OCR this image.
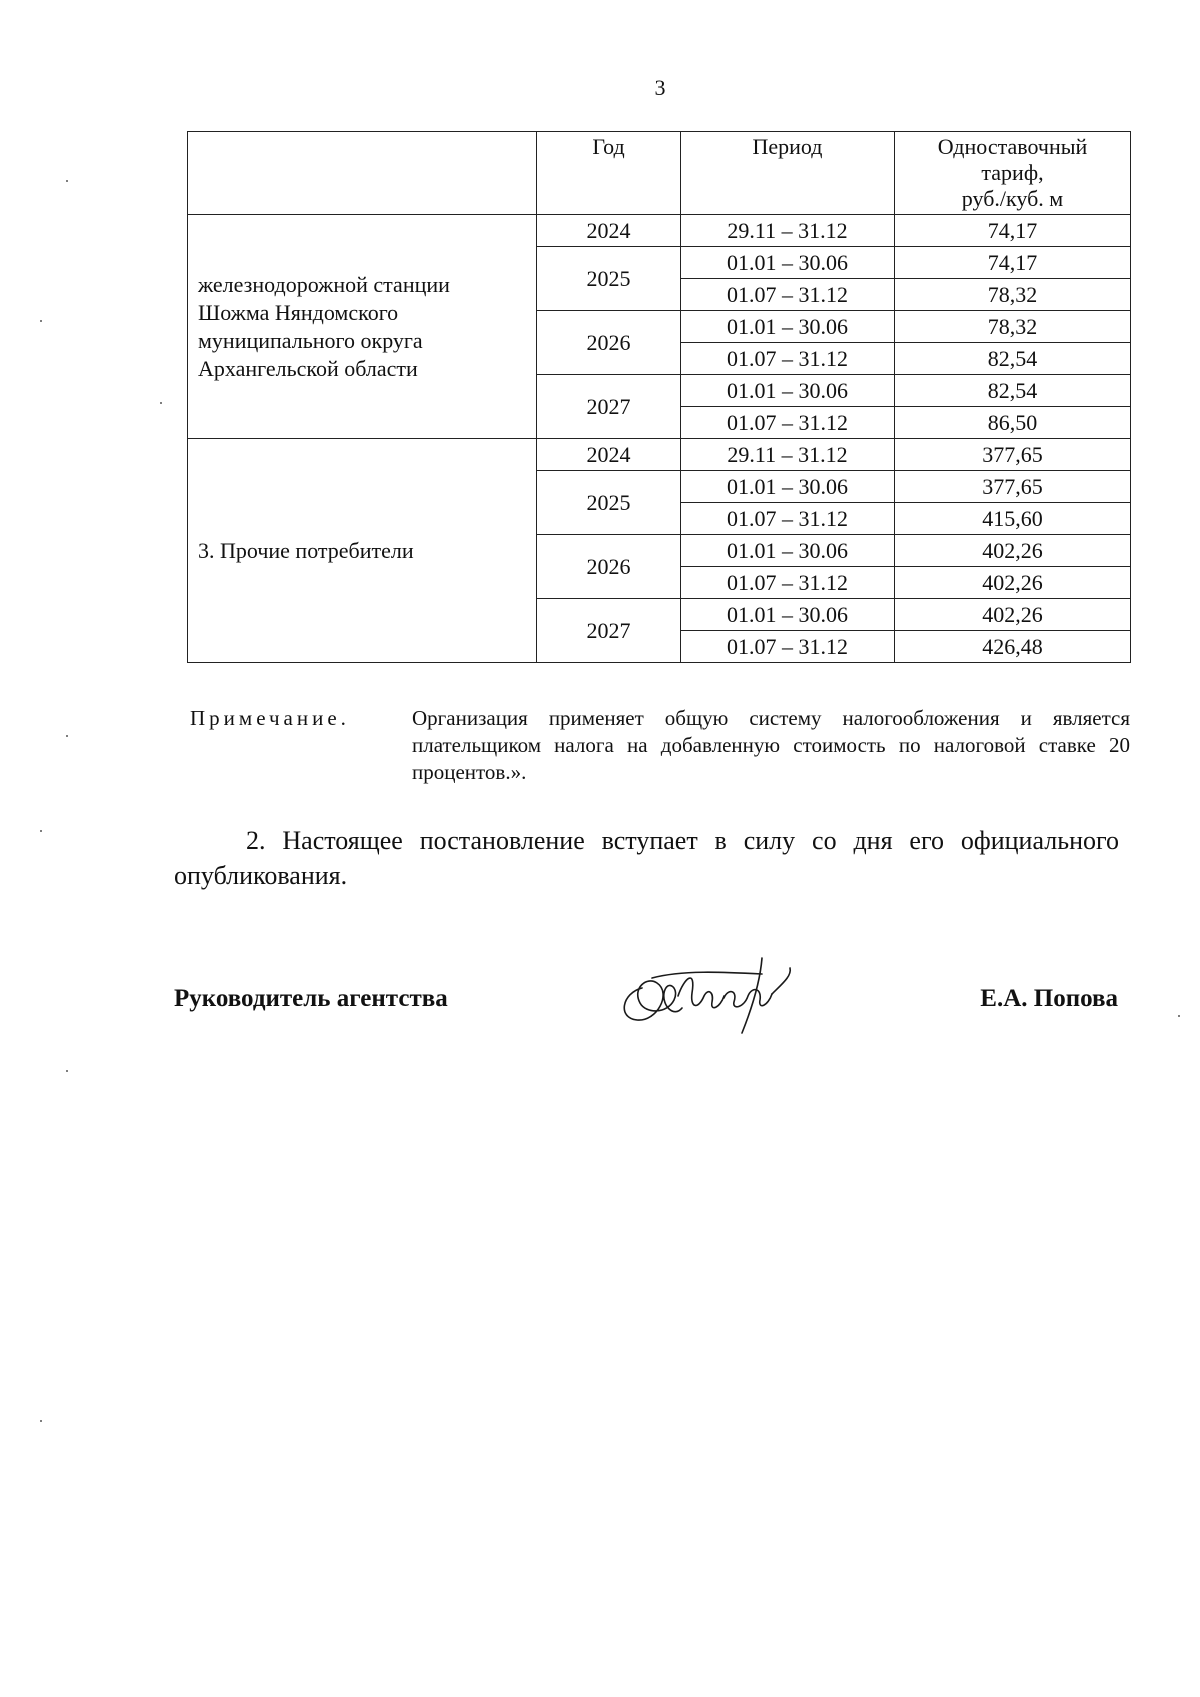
3
	Год	Период	Одноставочный
тариф,
руб./куб. м
железнодорожной станции
Шожма Няндомского
муниципального округа
Архангельской области	2024	29.11 – 31.12	74,17
	2025	01.01 – 30.06	74,17
		01.07 – 31.12	78,32
	2026	01.01 – 30.06	78,32
		01.07 – 31.12	82,54
	2027	01.01 – 30.06	82,54
		01.07 – 31.12	86,50
3. Прочие потребители	2024	29.11 – 31.12	377,65
	2025	01.01 – 30.06	377,65
		01.07 – 31.12	415,60
	2026	01.01 – 30.06	402,26
		01.07 – 31.12	402,26
	2027	01.01 – 30.06	402,26
		01.07 – 31.12	426,48
Примечание.	Организация применяет общую систему налогообложения и является плательщиком налога на добавленную стоимость по налоговой ставке 20 процентов.».
2. Настоящее постановление вступает в силу со дня его официального опубликования.
Руководитель агентства	Е.А. Попова
